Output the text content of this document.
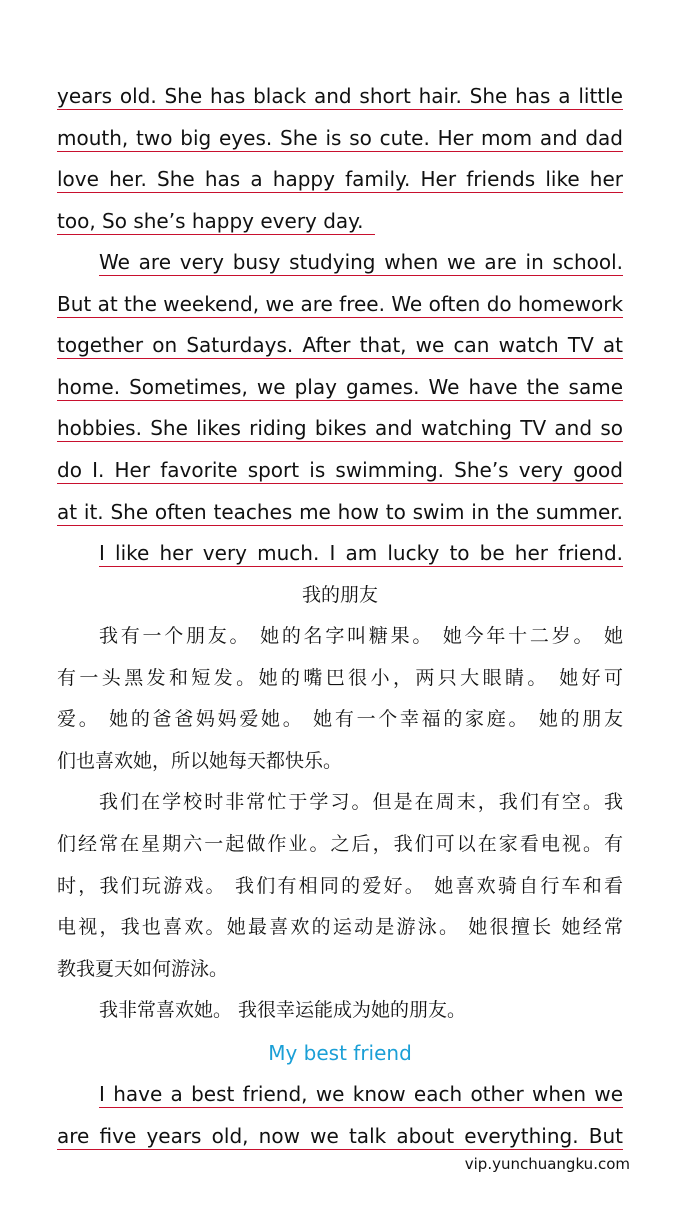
years old. She has black and short hair. She has a little
mouth, two big eyes. She is so cute. Her mom and dad
love her. She has a happy family. Her friends like her
too, So she’s happy every day.
We are very busy studying when we are in school.
But at the weekend, we are free. We often do homework
together on Saturdays. After that, we can watch TV at
home. Sometimes, we play games. We have the same
hobbies. She likes riding bikes and watching TV and so
do I. Her favorite sport is swimming. She’s very good
at it. She often teaches me how to swim in the summer.
I like her very much. I am lucky to be her friend.
我的朋友
我有一个朋友。 她的名字叫糖果。 她今年十二岁。 她
有一头黑发和短发。她的嘴巴很小，两只大眼睛。 她好可
爱。 她的爸爸妈妈爱她。 她有一个幸福的家庭。 她的朋友
们也喜欢她，所以她每天都快乐。
我们在学校时非常忙于学习。但是在周末，我们有空。我
们经常在星期六一起做作业。之后，我们可以在家看电视。有
时，我们玩游戏。 我们有相同的爱好。 她喜欢骑自行车和看
电视，我也喜欢。她最喜欢的运动是游泳。 她很擅长 她经常
教我夏天如何游泳。
我非常喜欢她。 我很幸运能成为她的朋友。
My best friend
I have a best friend, we know each other when we
are five years old, now we talk about everything. But
vip.yunchuangku.com
